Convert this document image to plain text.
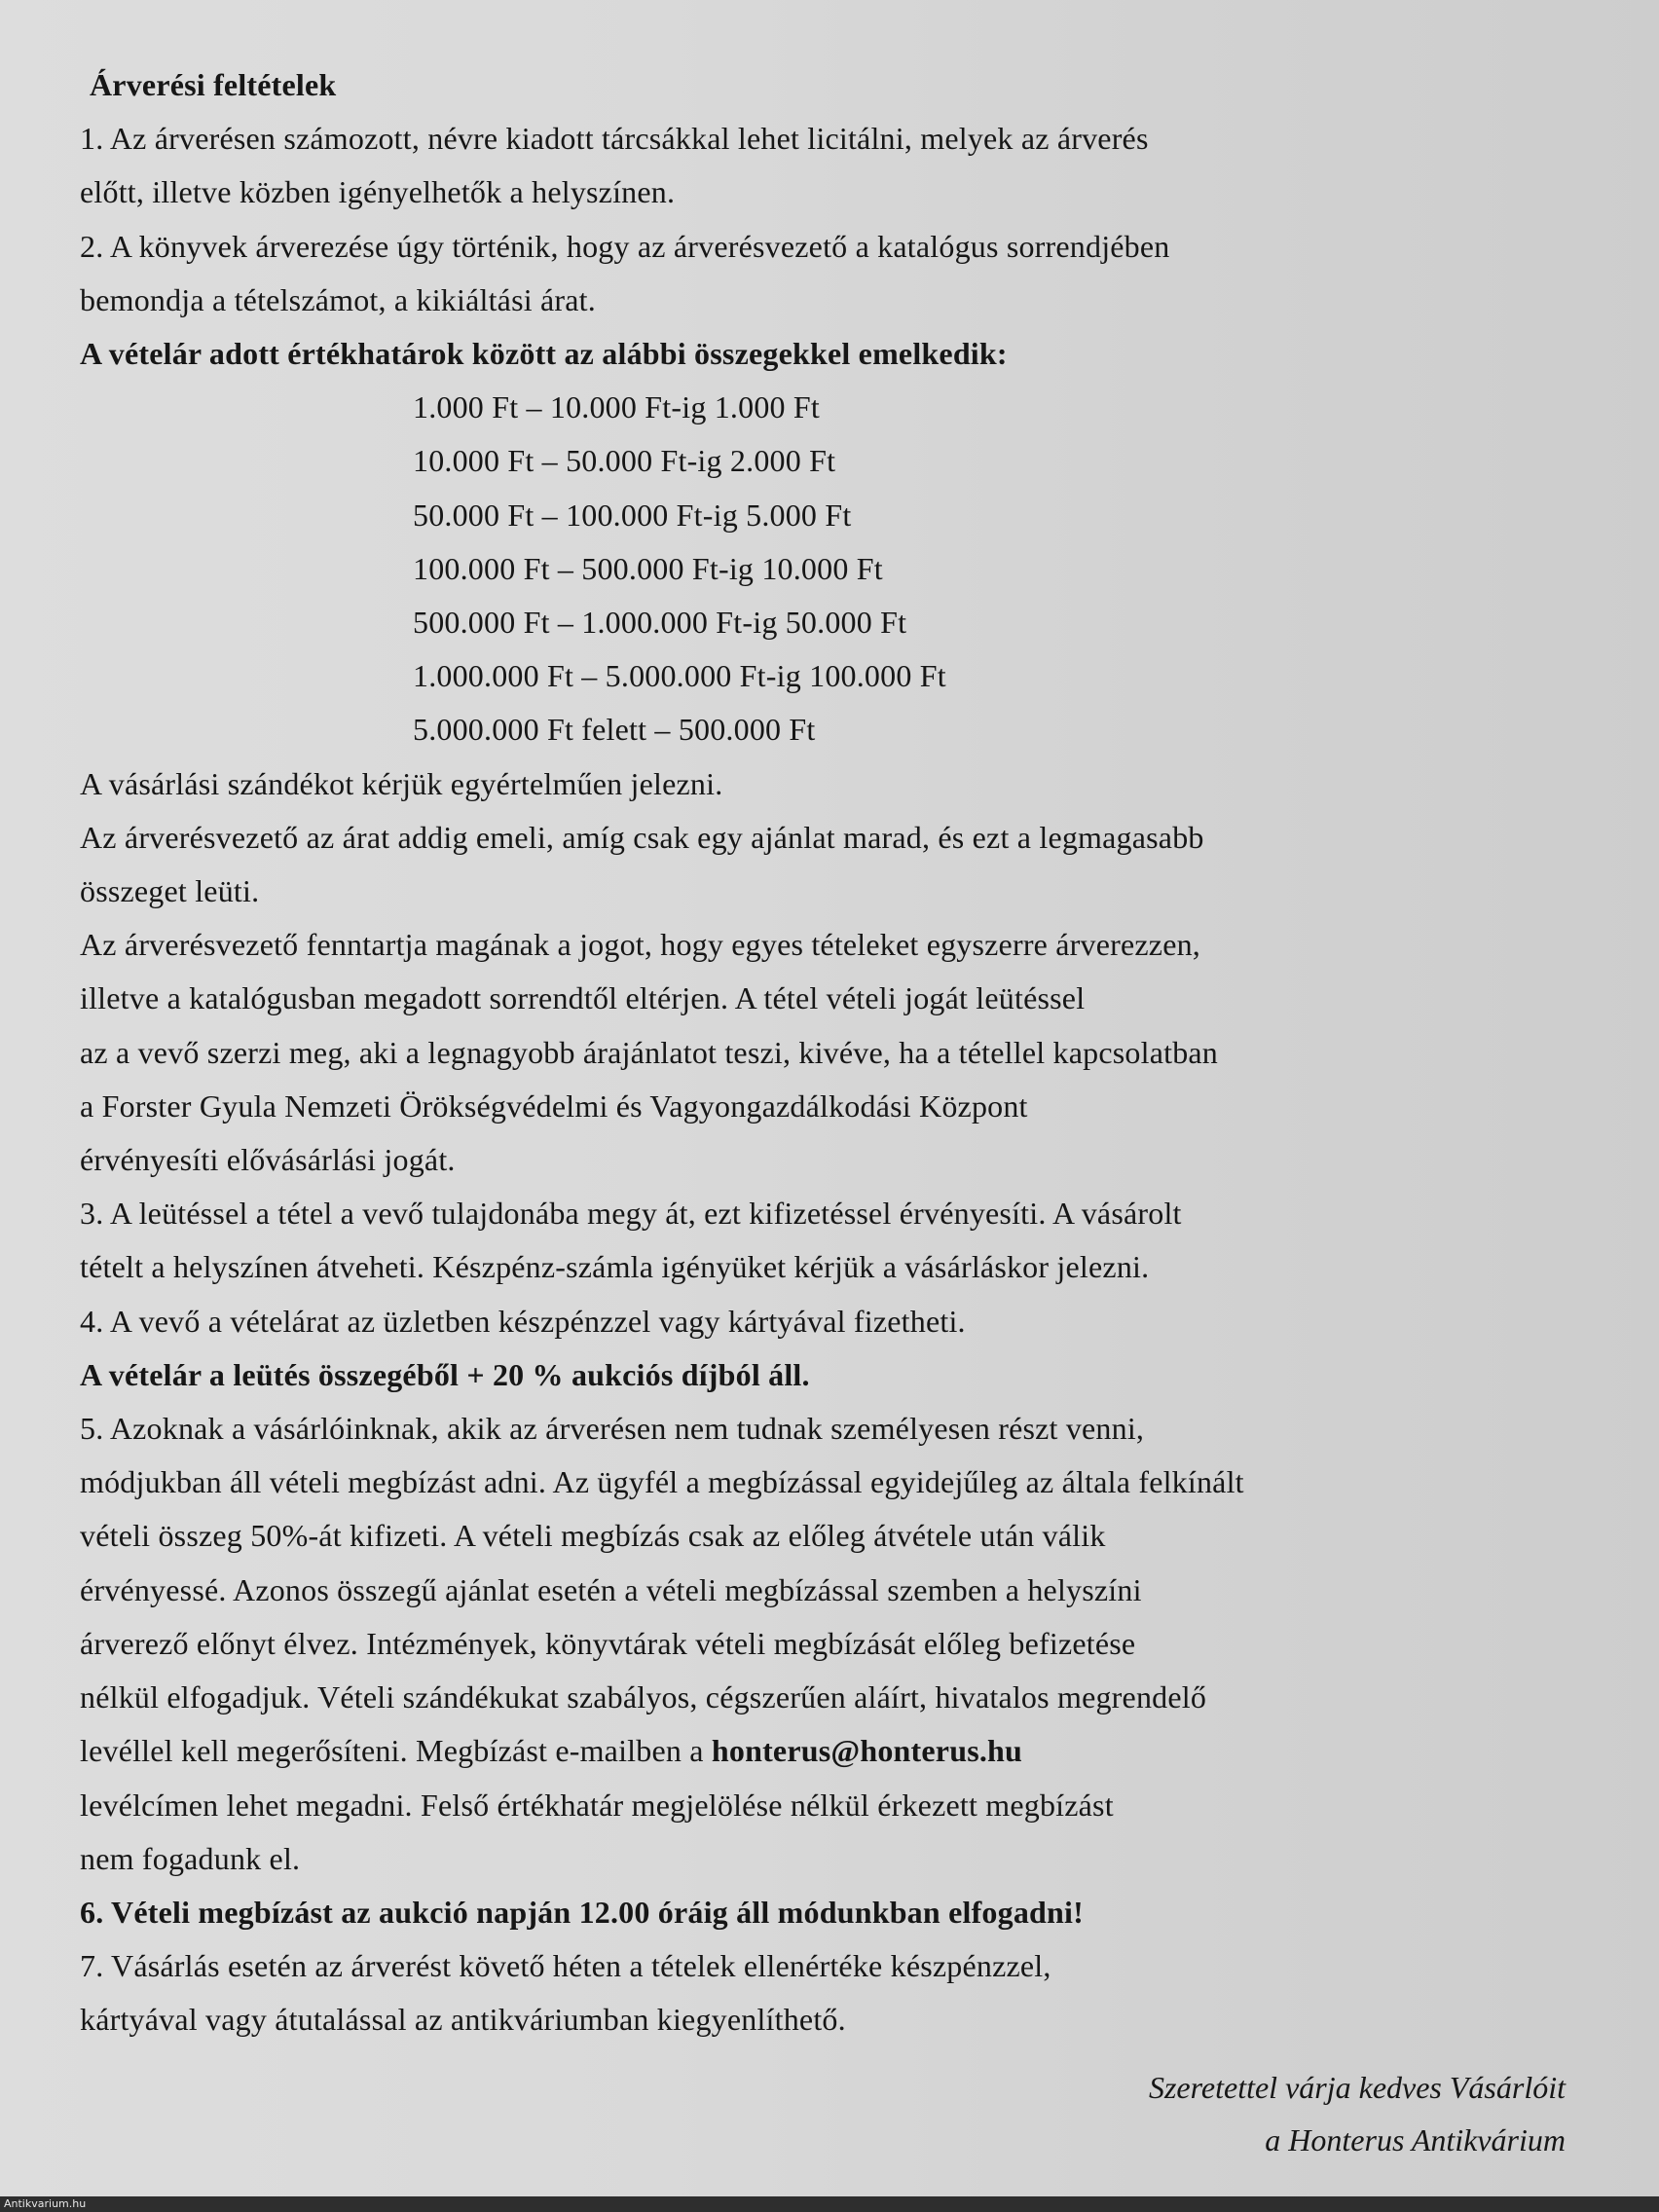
Árverési feltételek
1. Az árverésen számozott, névre kiadott tárcsákkal lehet licitálni, melyek az árverés
előtt, illetve közben igényelhetők a helyszínen.
2. A könyvek árverezése úgy történik, hogy az árverésvezető a katalógus sorrendjében
bemondja a tételszámot, a kikiáltási árat.
A vételár adott értékhatárok között az alábbi összegekkel emelkedik:
1.000 Ft – 10.000 Ft-ig 1.000 Ft
10.000 Ft – 50.000 Ft-ig 2.000 Ft
50.000 Ft – 100.000 Ft-ig 5.000 Ft
100.000 Ft – 500.000 Ft-ig 10.000 Ft
500.000 Ft – 1.000.000 Ft-ig 50.000 Ft
1.000.000 Ft – 5.000.000 Ft-ig 100.000 Ft
5.000.000 Ft felett – 500.000 Ft
A vásárlási szándékot kérjük egyértelműen jelezni.
Az árverésvezető az árat addig emeli, amíg csak egy ajánlat marad, és ezt a legmagasabb
összeget leüti.
Az árverésvezető fenntartja magának a jogot, hogy egyes tételeket egyszerre árverezzen,
illetve a katalógusban megadott sorrendtől eltérjen. A tétel vételi jogát leütéssel
az a vevő szerzi meg, aki a legnagyobb árajánlatot teszi, kivéve, ha a tétellel kapcsolatban
a Forster Gyula Nemzeti Örökségvédelmi és Vagyongazdálkodási Központ
érvényesíti elővásárlási jogát.
3. A leütéssel a tétel a vevő tulajdonába megy át, ezt kifizetéssel érvényesíti. A vásárolt
tételt a helyszínen átveheti. Készpénz-számla igényüket kérjük a vásárláskor jelezni.
4. A vevő a vételárat az üzletben készpénzzel vagy kártyával fizetheti.
A vételár a leütés összegéből + 20 % aukciós díjból áll.
5. Azoknak a vásárlóinknak, akik az árverésen nem tudnak személyesen részt venni,
módjukban áll vételi megbízást adni. Az ügyfél a megbízással egyidejűleg az általa felkínált
vételi összeg 50%-át kifizeti. A vételi megbízás csak az előleg átvétele után válik
érvényessé. Azonos összegű ajánlat esetén a vételi megbízással szemben a helyszíni
árverező előnyt élvez. Intézmények, könyvtárak vételi megbízását előleg befizetése
nélkül elfogadjuk. Vételi szándékukat szabályos, cégszerűen aláírt, hivatalos megrendelő
levéllel kell megerősíteni. Megbízást e-mailben a honterus@honterus.hu
levélcímen lehet megadni. Felső értékhatár megjelölése nélkül érkezett megbízást
nem fogadunk el.
6. Vételi megbízást az aukció napján 12.00 óráig áll módunkban elfogadni!
7. Vásárlás esetén az árverést követő héten a tételek ellenértéke készpénzzel,
kártyával vagy átutalással az antikváriumban kiegyenlíthető.
Szeretettel várja kedves Vásárlóit
a Honterus Antikvárium
Antikvarium.hu
